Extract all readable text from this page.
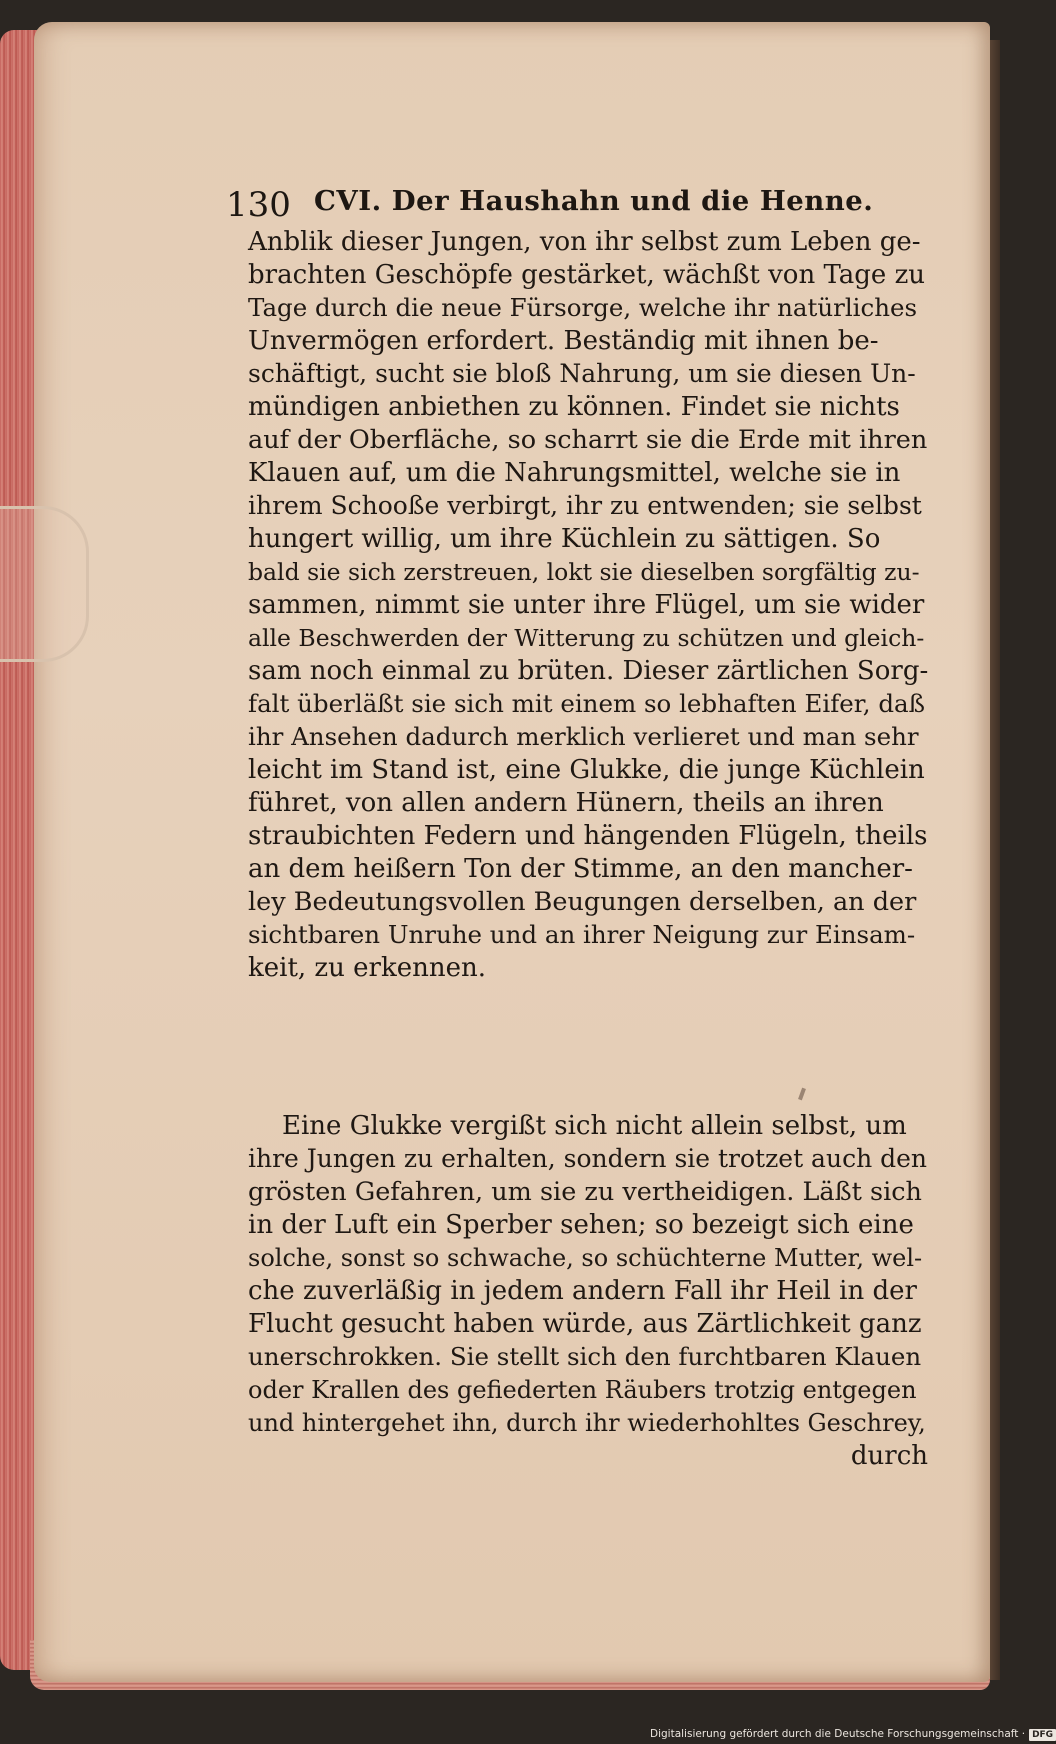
130 CVI. Der Haushahn und die Henne.
Anblik dieser Jungen, von ihr selbst zum Leben ge-
brachten Geschöpfe gestärket, wächßt von Tage zu
Tage durch die neue Fürsorge, welche ihr natürliches
Unvermögen erfordert. Beständig mit ihnen be-
schäftigt, sucht sie bloß Nahrung, um sie diesen Un-
mündigen anbiethen zu können. Findet sie nichts
auf der Oberfläche, so scharrt sie die Erde mit ihren
Klauen auf, um die Nahrungsmittel, welche sie in
ihrem Schooße verbirgt, ihr zu entwenden; sie selbst
hungert willig, um ihre Küchlein zu sättigen. So
bald sie sich zerstreuen, lokt sie dieselben sorgfältig zu-
sammen, nimmt sie unter ihre Flügel, um sie wider
alle Beschwerden der Witterung zu schützen und gleich-
sam noch einmal zu brüten. Dieser zärtlichen Sorg-
falt überläßt sie sich mit einem so lebhaften Eifer, daß
ihr Ansehen dadurch merklich verlieret und man sehr
leicht im Stand ist, eine Glukke, die junge Küchlein
führet, von allen andern Hünern, theils an ihren
straubichten Federn und hängenden Flügeln, theils
an dem heißern Ton der Stimme, an den mancher-
ley Bedeutungsvollen Beugungen derselben, an der
sichtbaren Unruhe und an ihrer Neigung zur Einsam-
keit, zu erkennen.
Eine Glukke vergißt sich nicht allein selbst, um
ihre Jungen zu erhalten, sondern sie trotzet auch den
grösten Gefahren, um sie zu vertheidigen. Läßt sich
in der Luft ein Sperber sehen; so bezeigt sich eine
solche, sonst so schwache, so schüchterne Mutter, wel-
che zuverläßig in jedem andern Fall ihr Heil in der
Flucht gesucht haben würde, aus Zärtlichkeit ganz
unerschrokken. Sie stellt sich den furchtbaren Klauen
oder Krallen des gefiederten Räubers trotzig entgegen
und hintergehet ihn, durch ihr wiederhohltes Geschrey,
durch
Digitalisierung gefördert durch die Deutsche Forschungsgemeinschaft · DFG
